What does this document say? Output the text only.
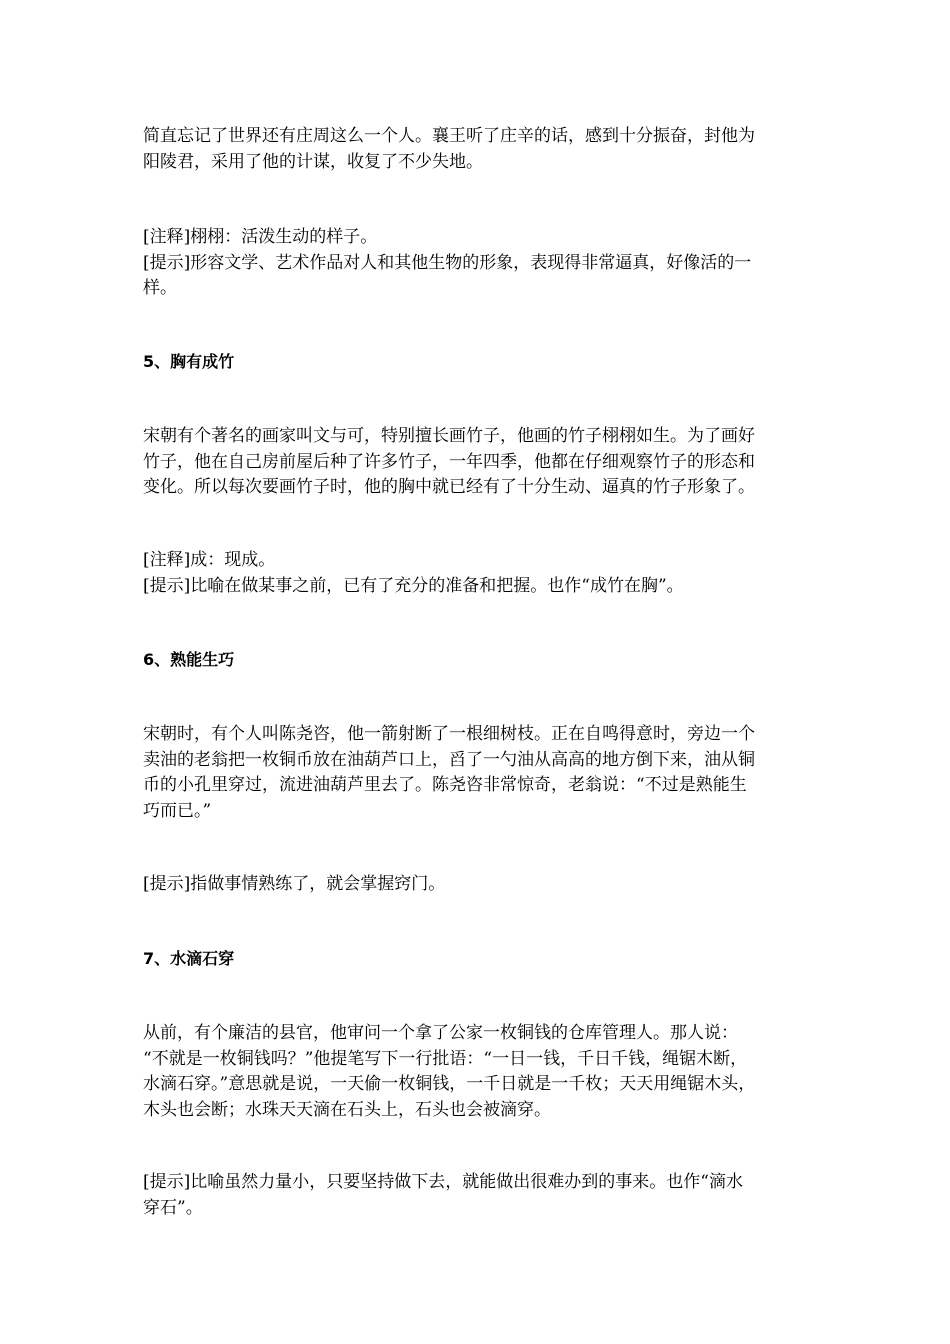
简直忘记了世界还有庄周这么一个人。襄王听了庄辛的话，感到十分振奋，封他为
阳陵君，采用了他的计谋，收复了不少失地。

[注释]栩栩：活泼生动的样子。
[提示]形容文学、艺术作品对人和其他生物的形象，表现得非常逼真，好像活的一
样。

5、胸有成竹

宋朝有个著名的画家叫文与可，特别擅长画竹子，他画的竹子栩栩如生。为了画好
竹子，他在自己房前屋后种了许多竹子，一年四季，他都在仔细观察竹子的形态和
变化。所以每次要画竹子时，他的胸中就已经有了十分生动、逼真的竹子形象了。

[注释]成：现成。
[提示]比喻在做某事之前，已有了充分的准备和把握。也作“成竹在胸”。

6、熟能生巧

宋朝时，有个人叫陈尧咨，他一箭射断了一根细树枝。正在自鸣得意时，旁边一个
卖油的老翁把一枚铜币放在油葫芦口上，舀了一勺油从高高的地方倒下来，油从铜
币的小孔里穿过，流进油葫芦里去了。陈尧咨非常惊奇，老翁说：“不过是熟能生
巧而已。”

[提示]指做事情熟练了，就会掌握窍门。

7、水滴石穿

从前，有个廉洁的县官，他审问一个拿了公家一枚铜钱的仓库管理人。那人说：
“不就是一枚铜钱吗？”他提笔写下一行批语：“一日一钱，千日千钱，绳锯木断，
水滴石穿。”意思就是说，一天偷一枚铜钱，一千日就是一千枚；天天用绳锯木头，
木头也会断；水珠天天滴在石头上，石头也会被滴穿。

[提示]比喻虽然力量小，只要坚持做下去，就能做出很难办到的事来。也作“滴水
穿石”。
